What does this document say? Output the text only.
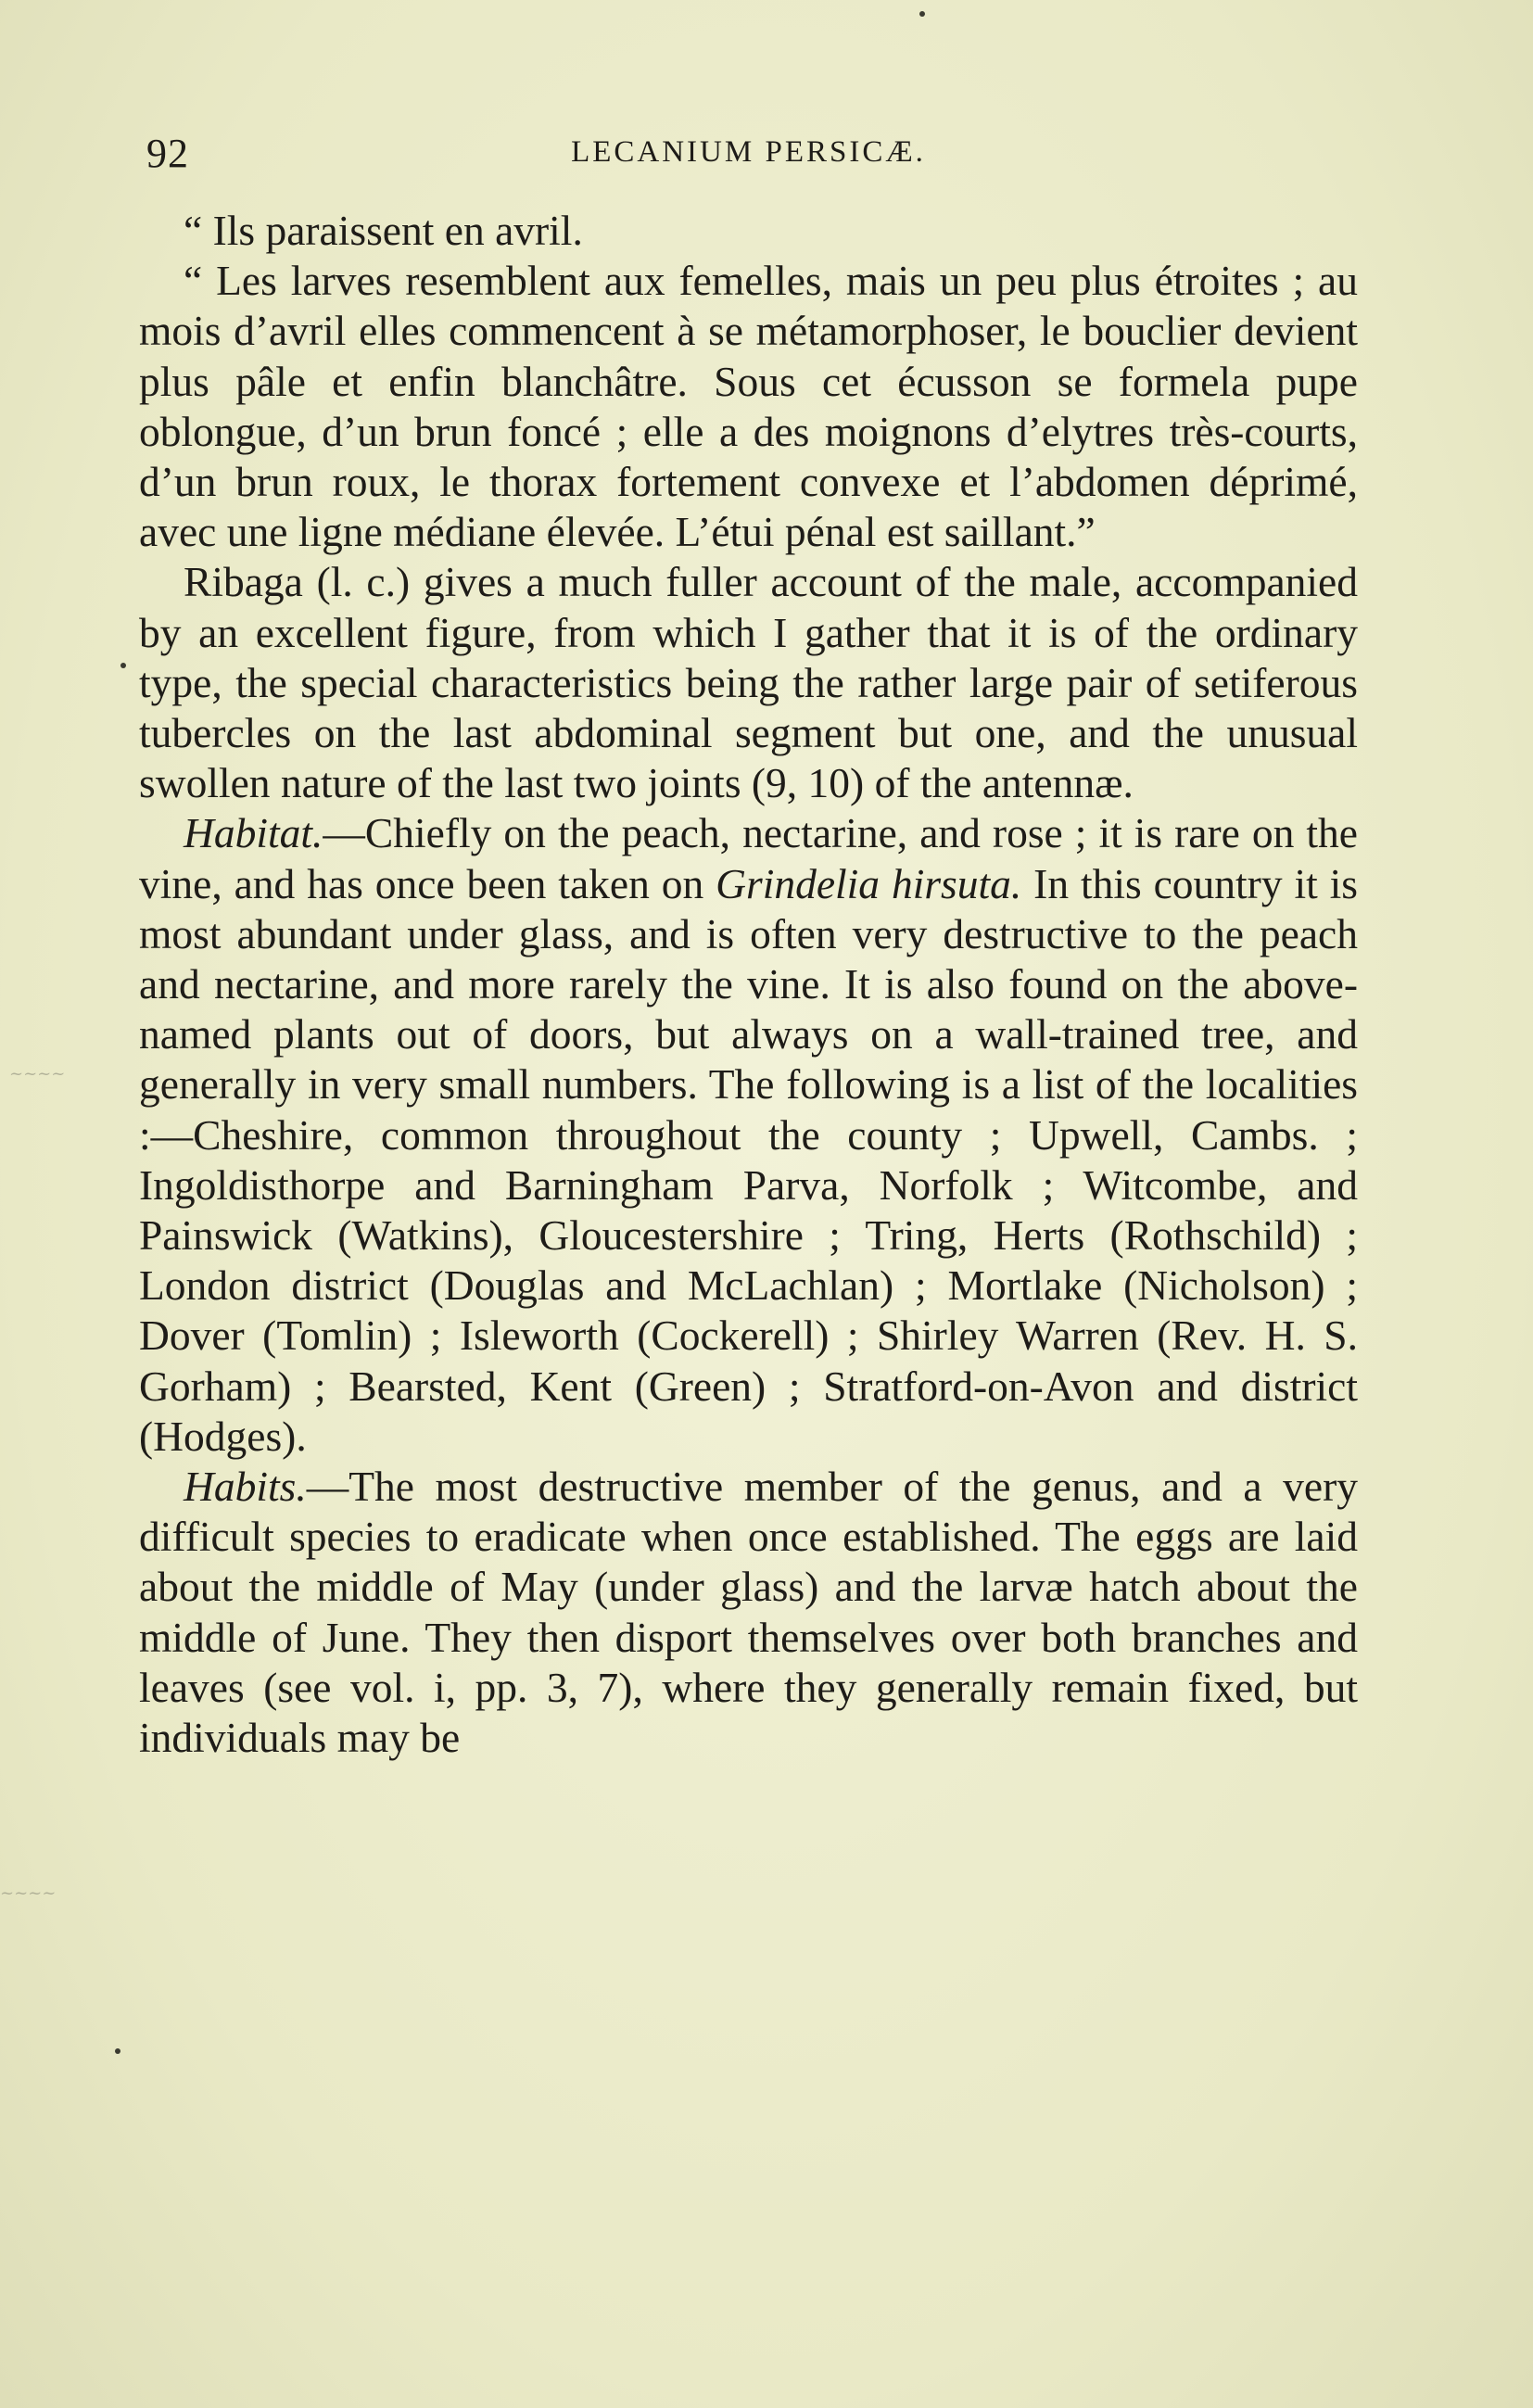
92	LECANIUM PERSICÆ.

“ Ils paraissent en avril.

“ Les larves resemblent aux femelles, mais un peu plus étroites ; au mois d’avril elles commencent à se métamorphoser, le bouclier devient plus pâle et enfin blanchâtre. Sous cet écusson se formela pupe oblongue, d’un brun foncé ; elle a des moignons d’elytres très-courts, d’un brun roux, le thorax fortement convexe et l’abdomen déprimé, avec une ligne médiane élevée. L’étui pénal est saillant.”

Ribaga (l. c.) gives a much fuller account of the male, accompanied by an excellent figure, from which I gather that it is of the ordinary type, the special characteristics being the rather large pair of setiferous tubercles on the last abdominal segment but one, and the unusual swollen nature of the last two joints (9, 10) of the antennæ.

Habitat.—Chiefly on the peach, nectarine, and rose ; it is rare on the vine, and has once been taken on Grindelia hirsuta. In this country it is most abundant under glass, and is often very destructive to the peach and nectarine, and more rarely the vine. It is also found on the above-named plants out of doors, but always on a wall-trained tree, and generally in very small numbers. The following is a list of the localities :—Cheshire, common throughout the county ; Upwell, Cambs. ; Ingoldisthorpe and Barningham Parva, Norfolk ; Witcombe, and Painswick (Watkins), Gloucestershire ; Tring, Herts (Rothschild) ; London district (Douglas and McLachlan) ; Mortlake (Nicholson) ; Dover (Tomlin) ; Isleworth (Cockerell) ; Shirley Warren (Rev. H. S. Gorham) ; Bearsted, Kent (Green) ; Stratford-on-Avon and district (Hodges).

Habits.—The most destructive member of the genus, and a very difficult species to eradicate when once established. The eggs are laid about the middle of May (under glass) and the larvæ hatch about the middle of June. They then disport themselves over both branches and leaves (see vol. i, pp. 3, 7), where they generally remain fixed, but individuals may be

~~~~
~~~~
